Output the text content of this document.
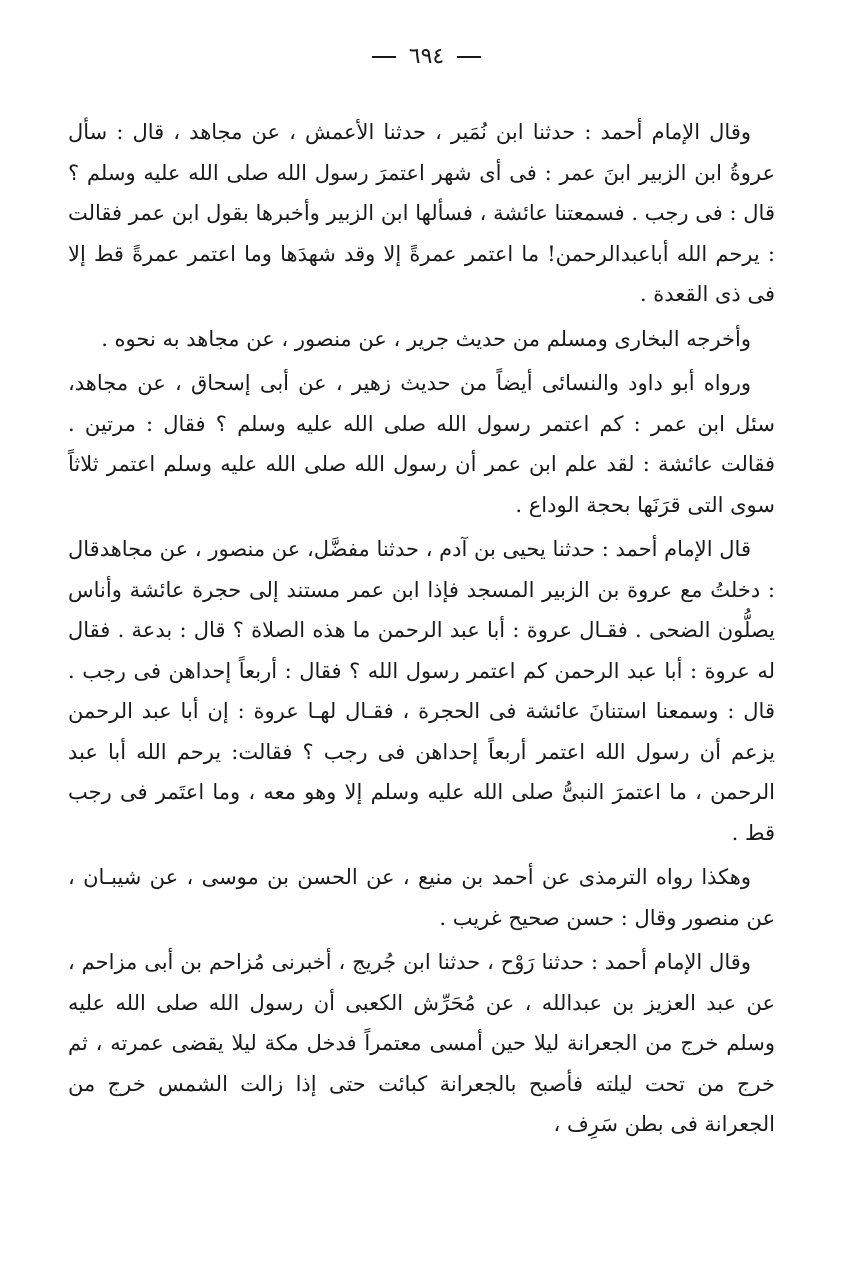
٦٩٤

وقال الإمام أحمد : حدثنا ابن نُمَير ، حدثنا الأعمش ، عن مجاهد ، قال : سأل عروةُ ابن الزبير ابنَ عمر : فى أى شهر اعتمرَ رسول الله صلى الله عليه وسلم ؟ قال : فى رجب . فسمعتنا عائشة ، فسألها ابن الزبير وأخبرها بقول ابن عمر فقالت : يرحم الله أباعبدالرحمن! ما اعتمر عمرةً إلا وقد شهدَها وما اعتمر عمرةً قط إلا فى ذى القعدة .

وأخرجه البخارى ومسلم من حديث جرير ، عن منصور ، عن مجاهد به نحوه .

ورواه أبو داود والنسائى أيضاً من حديث زهير ، عن أبى إسحاق ، عن مجاهد، سئل ابن عمر : كم اعتمر رسول الله صلى الله عليه وسلم ؟ فقال : مرتين . فقالت عائشة : لقد علم ابن عمر أن رسول الله صلى الله عليه وسلم اعتمر ثلاثاً سوى التى قرَنَها بحجة الوداع .

قال الإمام أحمد : حدثنا يحيى بن آدم ، حدثنا مفضَّل، عن منصور ، عن مجاهدقال : دخلتُ مع عروة بن الزبير المسجد فإذا ابن عمر مستند إلى حجرة عائشة وأناس يصلُّون الضحى . فقـال عروة : أبا عبد الرحمن ما هذه الصلاة ؟ قال : بدعة . فقال له عروة : أبا عبد الرحمن كم اعتمر رسول الله ؟ فقال : أربعاً إحداهن فى رجب . قال : وسمعنا استنانَ عائشة فى الحجرة ، فقـال لهـا عروة : إن أبا عبد الرحمن يزعم أن رسول الله اعتمر أربعاً إحداهن فى رجب ؟ فقالت: يرحم الله أبا عبد الرحمن ، ما اعتمرَ النبىُّ صلى الله عليه وسلم إلا وهو معه ، وما اعتَمر فى رجب قط .

وهكذا رواه الترمذى عن أحمد بن منيع ، عن الحسن بن موسى ، عن شيبـان ، عن منصور وقال : حسن صحيح غريب .

وقال الإمام أحمد : حدثنا رَوْح ، حدثنا ابن جُريج ، أخبرنى مُزاحم بن أبى مزاحم ، عن عبد العزيز بن عبدالله ، عن مُحَرِّش الكعبى أن رسول الله صلى الله عليه وسلم خرج من الجعرانة ليلا حين أمسى معتمراً فدخل مكة ليلا يقضى عمرته ، ثم خرج من تحت ليلته فأصبح بالجعرانة كبائت حتى إذا زالت الشمس خرج من الجعرانة فى بطن سَرِف ،
